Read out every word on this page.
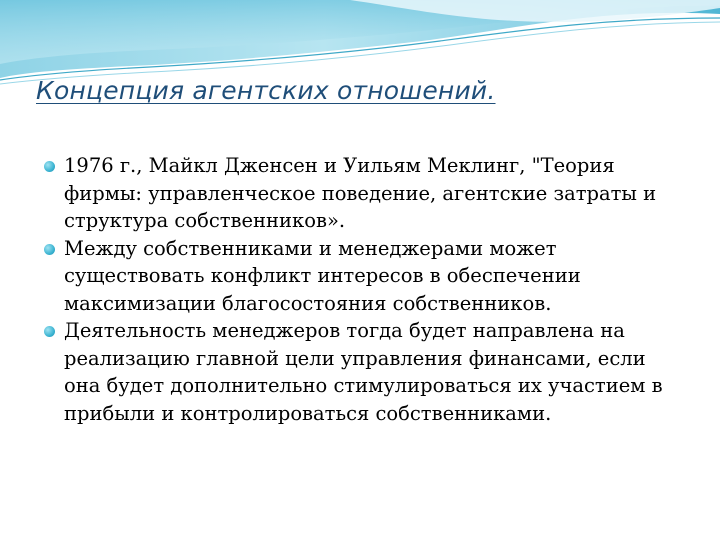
Концепция агентских отношений.
1976 г., Майкл Дженсен и Уильям Меклинг, "Теория фирмы: управленческое поведение, агентские затраты и структура собственников».
Между собственниками и менеджерами может существовать конфликт интересов в обеспечении максимизации благосостояния собственников.
Деятельность менеджеров тогда будет направлена на реализацию главной цели управления финансами, если она будет дополнительно стимулироваться их участием в прибыли и контролироваться собственниками.
